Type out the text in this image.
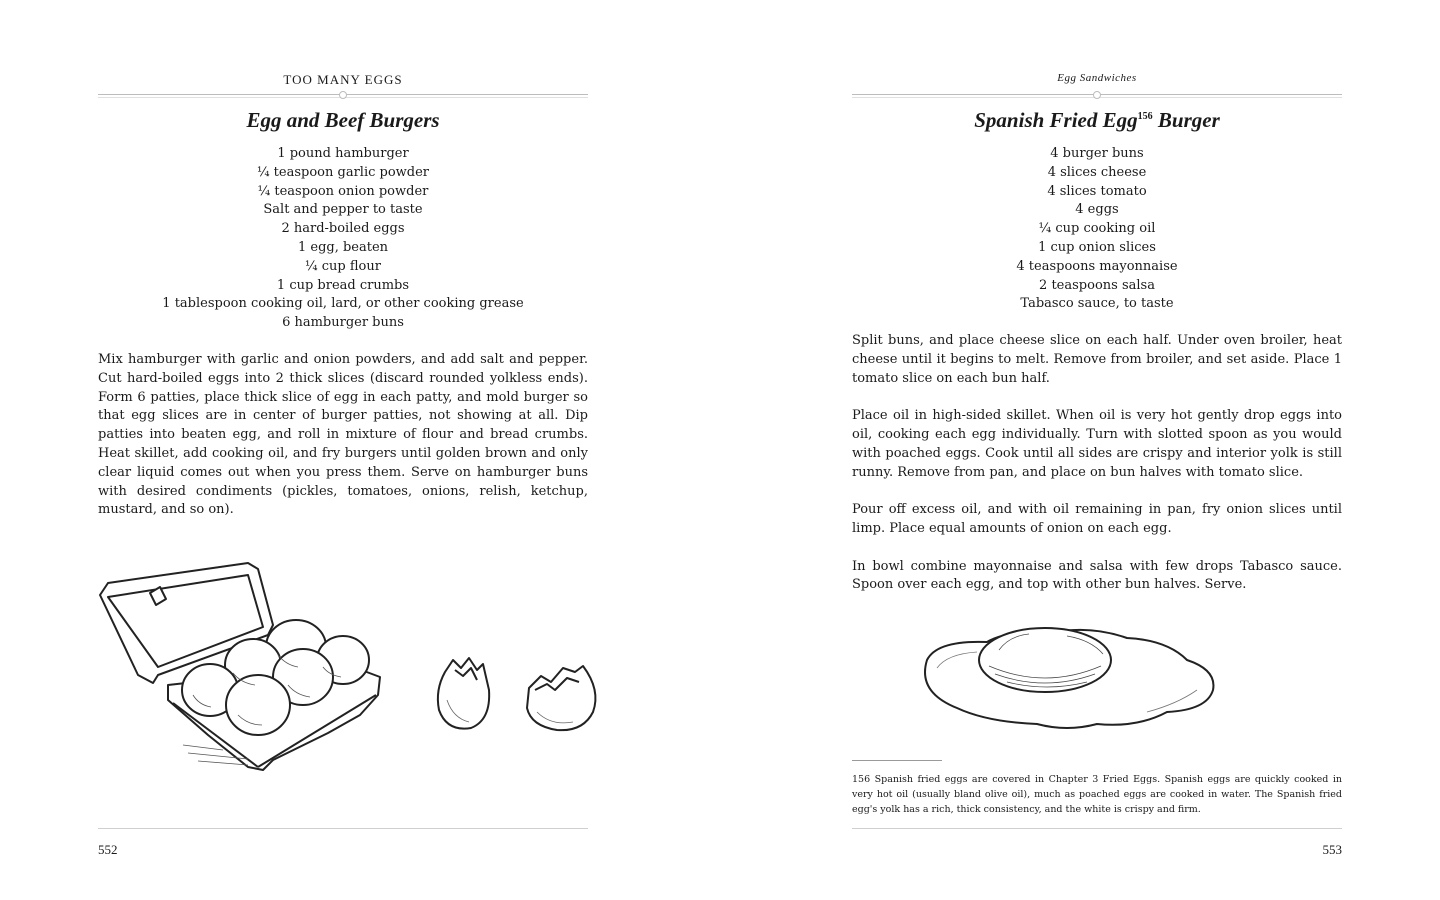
TOO MANY EGGS
Egg and Beef Burgers
1 pound hamburger
¼ teaspoon garlic powder
¼ teaspoon onion powder
Salt and pepper to taste
2 hard-boiled eggs
1 egg, beaten
¼ cup flour
1 cup bread crumbs
1 tablespoon cooking oil, lard, or other cooking grease
6 hamburger buns

Mix hamburger with garlic and onion powders, and add salt and pepper. Cut hard-boiled eggs into 2 thick slices (discard rounded yolkless ends). Form 6 patties, place thick slice of egg in each patty, and mold burger so that egg slices are in center of burger patties, not showing at all. Dip patties into beaten egg, and roll in mixture of flour and bread crumbs. Heat skillet, add cooking oil, and fry burgers until golden brown and only clear liquid comes out when you press them. Serve on hamburger buns with desired condiments (pickles, tomatoes, onions, relish, ketchup, mustard, and so on).

552
Egg Sandwiches
Spanish Fried Egg$^{156}$ Burger
4 burger buns
4 slices cheese
4 slices tomato
4 eggs
¼ cup cooking oil
1 cup onion slices
4 teaspoons mayonnaise
2 teaspoons salsa
Tabasco sauce, to taste

Split buns, and place cheese slice on each half. Under oven broiler, heat cheese until it begins to melt. Remove from broiler, and set aside. Place 1 tomato slice on each bun half.

Place oil in high-sided skillet. When oil is very hot gently drop eggs into oil, cooking each egg individually. Turn with slotted spoon as you would with poached eggs. Cook until all sides are crispy and interior yolk is still runny. Remove from pan, and place on bun halves with tomato slice.

Pour off excess oil, and with oil remaining in pan, fry onion slices until limp. Place equal amounts of onion on each egg.

In bowl combine mayonnaise and salsa with few drops Tabasco sauce. Spoon over each egg, and top with other bun halves. Serve.

156 Spanish fried eggs are covered in Chapter 3 Fried Eggs. Spanish eggs are quickly cooked in very hot oil (usually bland olive oil), much as poached eggs are cooked in water. The Spanish fried egg's yolk has a rich, thick consistency, and the white is crispy and firm.
553
